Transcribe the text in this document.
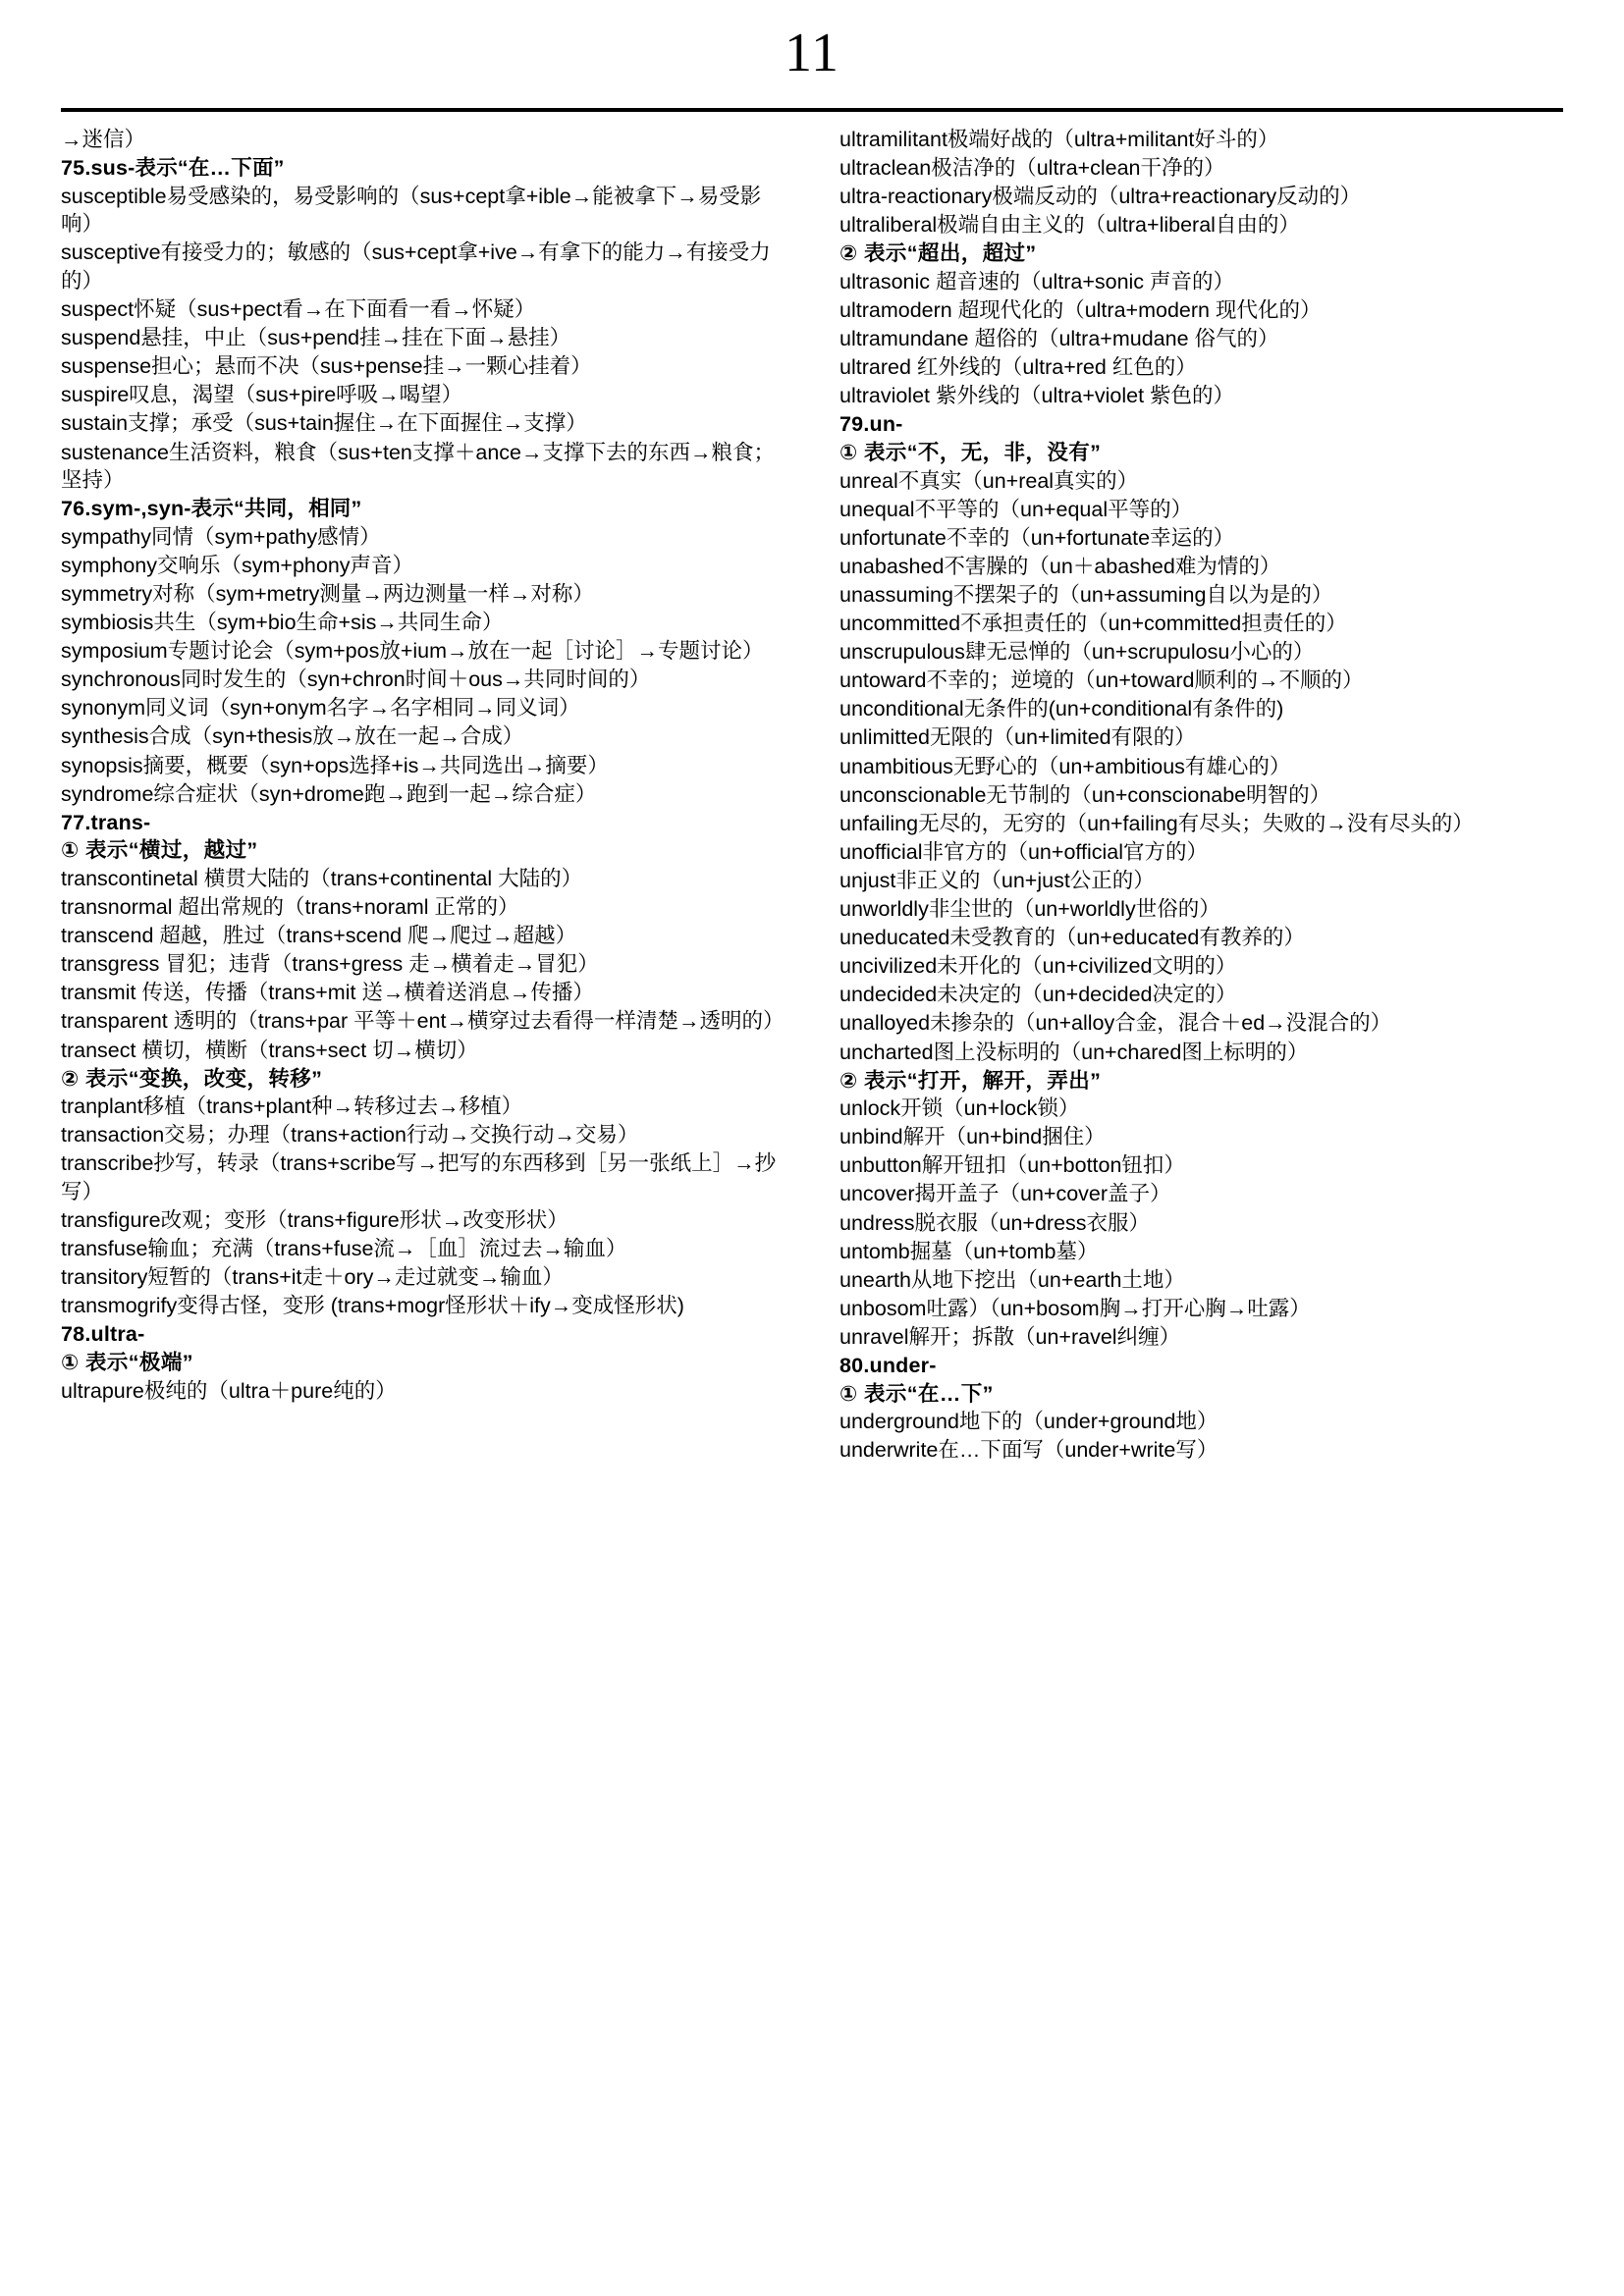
11
→迷信）
75.sus-表示“在…下面”
susceptible易受感染的，易受影响的（sus+cept拿+ible→能被拿下→易受影响）
susceptive有接受力的；敏感的（sus+cept拿+ive→有拿下的能力→有接受力的）
suspect怀疑（sus+pect看→在下面看一看→怀疑）
suspend悬挂，中止（sus+pend挂→挂在下面→悬挂）
suspense担心；悬而不决（sus+pense挂→一颗心挂着）
suspire叹息，渴望（sus+pire呼吸→喝望）
sustain支撑；承受（sus+tain握住→在下面握住→支撑）
sustenance生活资料，粮食（sus+ten支撑＋ance→支撑下去的东西→粮食；坚持）
76.sym-,syn-表示“共同，相同”
sympathy同情（sym+pathy感情）
symphony交响乐（sym+phony声音）
symmetry对称（sym+metry测量→两边测量一样→对称）
symbiosis共生（sym+bio生命+sis→共同生命）
symposium专题讨论会（sym+pos放+ium→放在一起［讨论］→专题讨论）
synchronous同时发生的（syn+chron时间＋ous→共同时间的）
synonym同义词（syn+onym名字→名字相同→同义词）
synthesis合成（syn+thesis放→放在一起→合成）
synopsis摘要，概要（syn+ops选择+is→共同选出→摘要）
syndrome综合症状（syn+drome跑→跑到一起→综合症）
77.trans-
① 表示“横过，越过”
transcontinetal 横贯大陆的（trans+continental 大陆的）
transnormal 超出常规的（trans+noraml 正常的）
transcend 超越，胜过（trans+scend 爬→爬过→超越）
transgress 冒犯；违背（trans+gress 走→横着走→冒犯）
transmit 传送，传播（trans+mit 送→横着送消息→传播）
transparent 透明的（trans+par 平等＋ent→横穿过去看得一样清楚→透明的）
transect 横切，横断（trans+sect 切→横切）
② 表示“变换，改变，转移”
tranplant移植（trans+plant种→转移过去→移植）
transaction交易；办理（trans+action行动→交换行动→交易）
transcribe抄写，转录（trans+scribe写→把写的东西移到［另一张纸上］→抄写）
transfigure改观；变形（trans+figure形状→改变形状）
transfuse输血；充满（trans+fuse流→［血］流过去→输血）
transitory短暂的（trans+it走＋ory→走过就变→输血）
transmogrify变得古怪，变形 (trans+mogr怪形状＋ify→变成怪形状)
78.ultra-
① 表示“极端”
ultrapure极纯的（ultra＋pure纯的）
ultramilitant极端好战的（ultra+militant好斗的）
ultraclean极洁净的（ultra+clean干净的）
ultra-reactionary极端反动的（ultra+reactionary反动的）
ultraliberal极端自由主义的（ultra+liberal自由的）
② 表示“超出，超过”
ultrasonic 超音速的（ultra+sonic 声音的）
ultramodern 超现代化的（ultra+modern 现代化的）
ultramundane 超俗的（ultra+mudane 俗气的）
ultrared 红外线的（ultra+red 红色的）
ultraviolet 紫外线的（ultra+violet 紫色的）
79.un-
① 表示“不，无，非，没有”
unreal不真实（un+real真实的）
unequal不平等的（un+equal平等的）
unfortunate不幸的（un+fortunate幸运的）
unabashed不害臊的（un＋abashed难为情的）
unassuming不摆架子的（un+assuming自以为是的）
uncommitted不承担责任的（un+committed担责任的）
unscrupulous肆无忌惮的（un+scrupulosu小心的）
untoward不幸的；逆境的（un+toward顺利的→不顺的）
unconditional无条件的(un+conditional有条件的)
unlimitted无限的（un+limited有限的）
unambitious无野心的（un+ambitious有雄心的）
unconscionable无节制的（un+conscionabe明智的）
unfailing无尽的，无穷的（un+failing有尽头；失败的→没有尽头的）
unofficial非官方的（un+official官方的）
unjust非正义的（un+just公正的）
unworldly非尘世的（un+worldly世俗的）
uneducated未受教育的（un+educated有教养的）
uncivilized未开化的（un+civilized文明的）
undecided未决定的（un+decided决定的）
unalloyed未掺杂的（un+alloy合金，混合＋ed→没混合的）
uncharted图上没标明的（un+chared图上标明的）
② 表示“打开，解开，弄出”
unlock开锁（un+lock锁）
unbind解开（un+bind捆住）
unbutton解开钮扣（un+botton钮扣）
uncover揭开盖子（un+cover盖子）
undress脱衣服（un+dress衣服）
untomb掘墓（un+tomb墓）
unearth从地下挖出（un+earth土地）
unbosom吐露）（un+bosom胸→打开心胸→吐露）
unravel解开；拆散（un+ravel纠缠）
80.under-
① 表示“在…下”
underground地下的（under+ground地）
underwrite在…下面写（under+write写）
